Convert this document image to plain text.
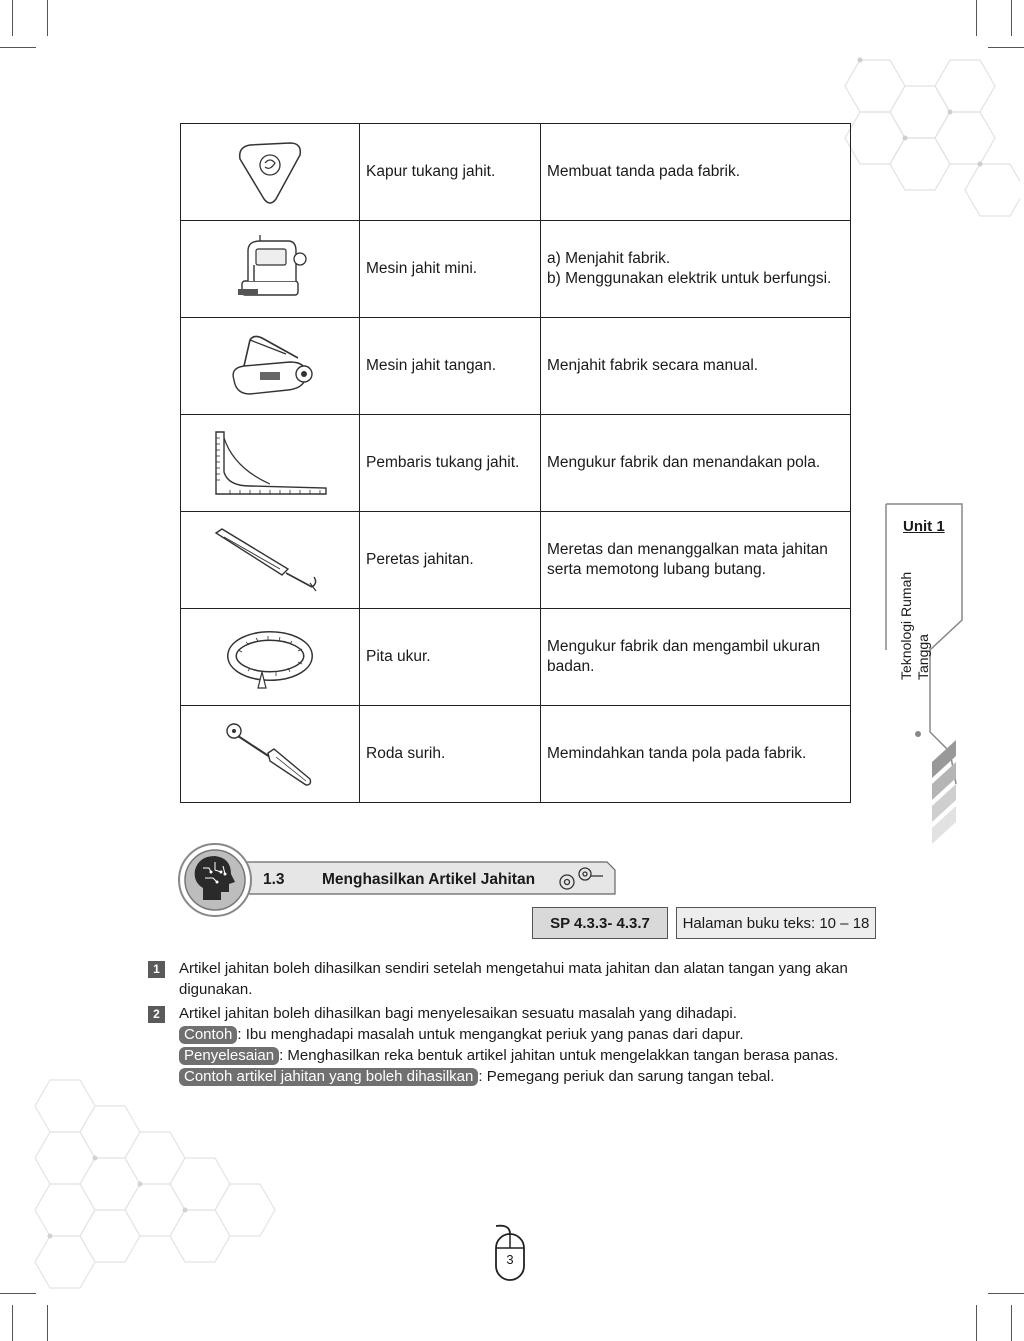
	Kapur tukang jahit.	Membuat tanda pada fabrik.

	Mesin jahit mini.	a) Menjahit fabrik.
b) Menggunakan elektrik untuk berfungsi.

	Mesin jahit tangan.	Menjahit fabrik secara manual.

	Pembaris tukang jahit.	Mengukur fabrik dan menandakan pola.

	Peretas jahitan.	Meretas dan menanggalkan mata jahitan serta memotong lubang butang.

	Pita ukur.	Mengukur fabrik dan mengambil ukuran badan.

	Roda surih.	Memindahkan tanda pola pada fabrik.
Unit 1
Teknologi Rumah Tangga
1.3 Menghasilkan Artikel Jahitan
SP 4.3.3- 4.3.7	Halaman buku teks: 10 – 18
1	Artikel jahitan boleh dihasilkan sendiri setelah mengetahui mata jahitan dan alatan tangan yang akan
digunakan.
2	Artikel jahitan boleh dihasilkan bagi menyelesaikan sesuatu masalah yang dihadapi.
Contoh : Ibu menghadapi masalah untuk mengangkat periuk yang panas dari dapur.
Penyelesaian : Menghasilkan reka bentuk artikel jahitan untuk mengelakkan tangan berasa panas.
Contoh artikel jahitan yang boleh dihasilkan : Pemegang periuk dan sarung tangan tebal.
3
